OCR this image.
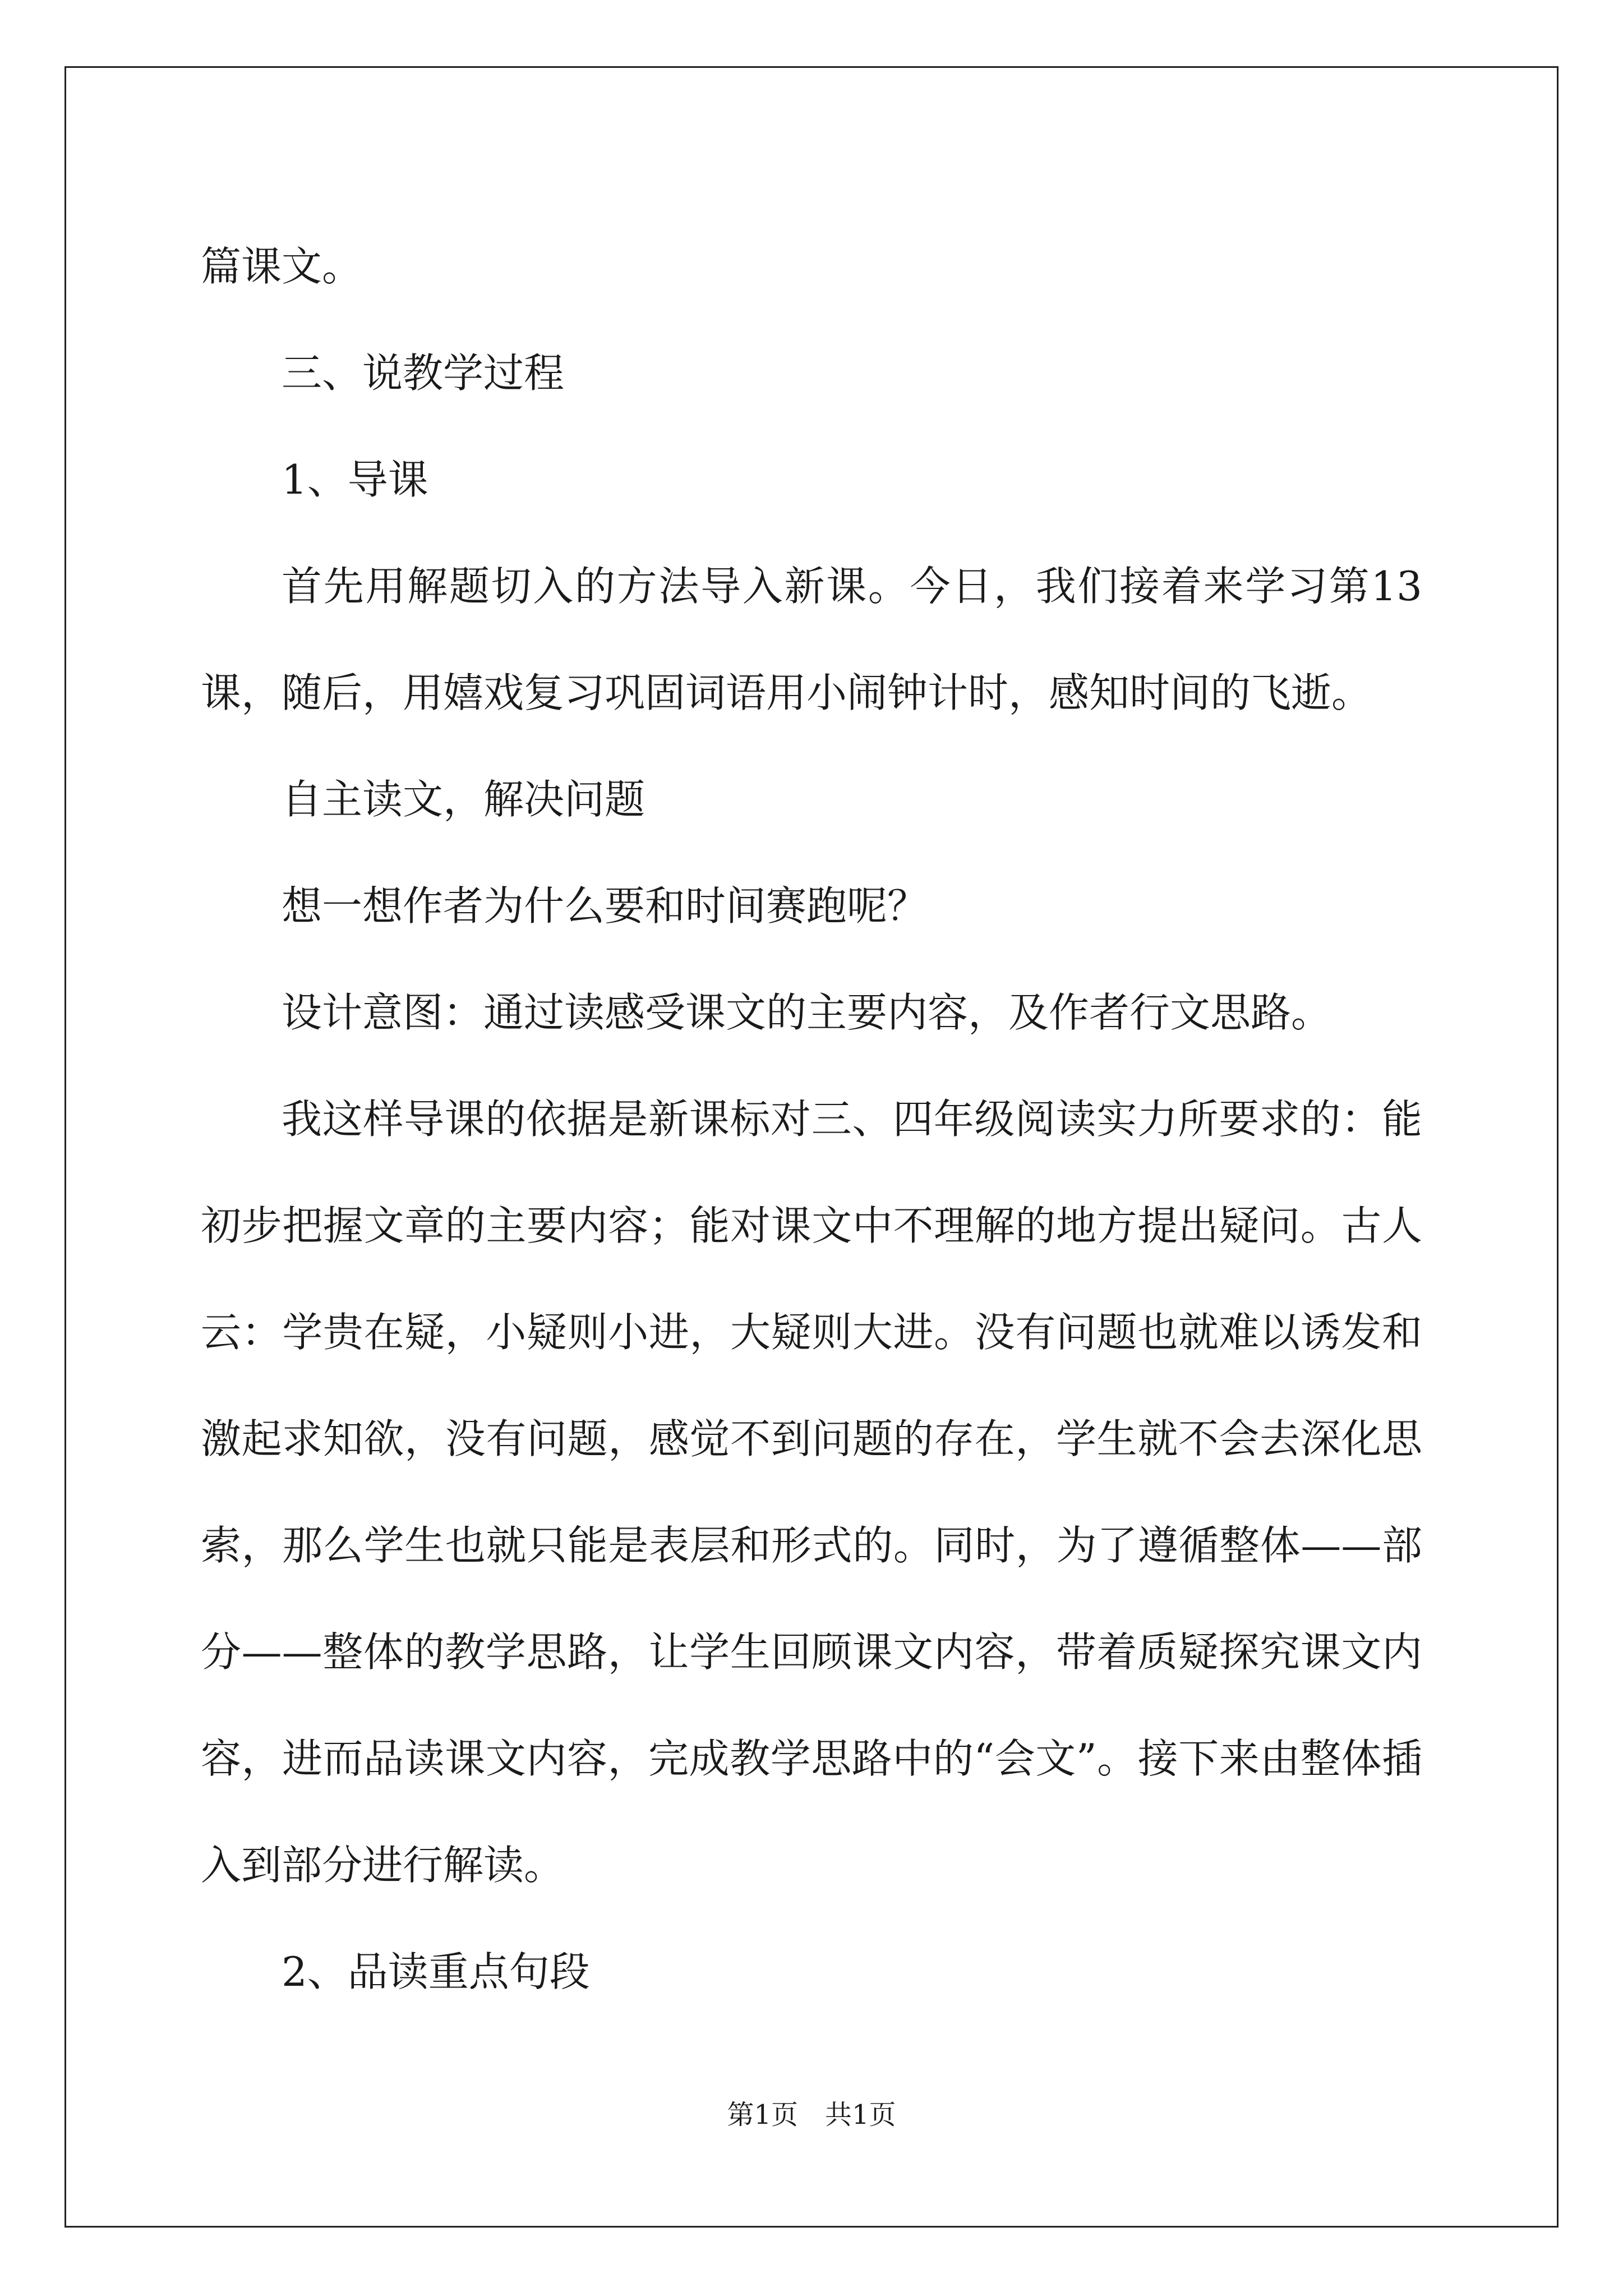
篇课文。

三、说教学过程

1、导课

首先用解题切入的方法导入新课。今日，我们接着来学习第13课，随后，用嬉戏复习巩固词语用小闹钟计时，感知时间的飞逝。

自主读文，解决问题

想一想作者为什么要和时间赛跑呢？

设计意图：通过读感受课文的主要内容，及作者行文思路。

我这样导课的依据是新课标对三、四年级阅读实力所要求的：能初步把握文章的主要内容；能对课文中不理解的地方提出疑问。古人云：学贵在疑，小疑则小进，大疑则大进。没有问题也就难以诱发和激起求知欲，没有问题，感觉不到问题的存在，学生就不会去深化思索，那么学生也就只能是表层和形式的。同时，为了遵循整体——部分——整体的教学思路，让学生回顾课文内容，带着质疑探究课文内容，进而品读课文内容，完成教学思路中的“会文”。接下来由整体插入到部分进行解读。

2、品读重点句段

第1页 共1页
